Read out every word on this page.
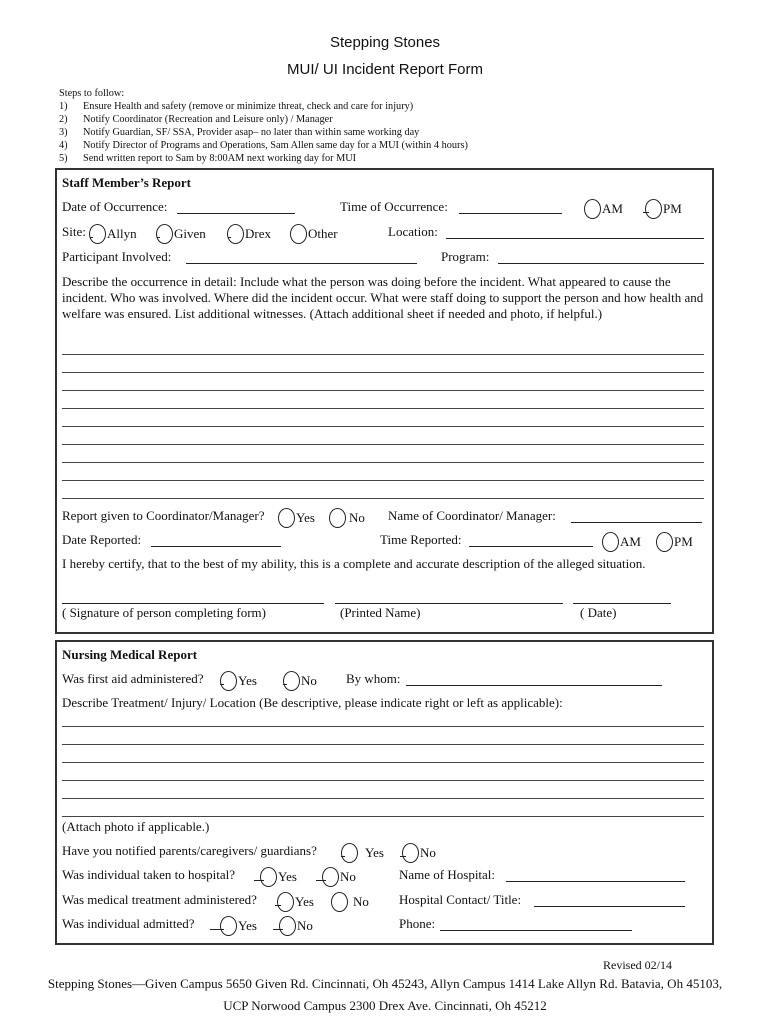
Stepping Stones
MUI/ UI Incident Report Form
Steps to follow:
1) Ensure Health and safety (remove or minimize threat, check and care for injury)
2) Notify Coordinator (Recreation and Leisure only) / Manager
3) Notify Guardian, SF/ SSA, Provider asap– no later than within same working day
4) Notify Director of Programs and Operations, Sam Allen same day for a MUI (within 4 hours)
5) Send written report to Sam by 8:00AM next working day for MUI
Staff Member’s Report
Date of Occurrence:	Time of Occurrence:	AM	PM
Site:	Allyn	Given	Drex	Other	Location:
Participant Involved:	Program:
Describe the occurrence in detail: Include what the person was doing before the incident. What appeared to cause the incident. Who was involved. Where did the incident occur. What were staff doing to support the person and how health and welfare was ensured. List additional witnesses. (Attach additional sheet if needed and photo, if helpful.)
Report given to Coordinator/Manager?	Yes	No Name of Coordinator/ Manager:
Date Reported:	Time Reported:	AM	PM
I hereby certify, that to the best of my ability, this is a complete and accurate description of the alleged situation.
( Signature of person completing form)	(Printed Name)	( Date)
Nursing Medical Report
Was first aid administered?	Yes	No By whom:
Describe Treatment/ Injury/ Location (Be descriptive, please indicate right or left as applicable):
(Attach photo if applicable.)
Have you notified parents/caregivers/ guardians?	Yes	No
Was individual taken to hospital?	Yes	No	Name of Hospital:
Was medical treatment administered?	Yes	No Hospital Contact/ Title:
Was individual admitted?	Yes	No	Phone:
Revised 02/14
Stepping Stones—Given Campus 5650 Given Rd. Cincinnati, Oh 45243, Allyn Campus 1414 Lake Allyn Rd. Batavia, Oh 45103,
UCP Norwood Campus 2300 Drex Ave. Cincinnati, Oh 45212
